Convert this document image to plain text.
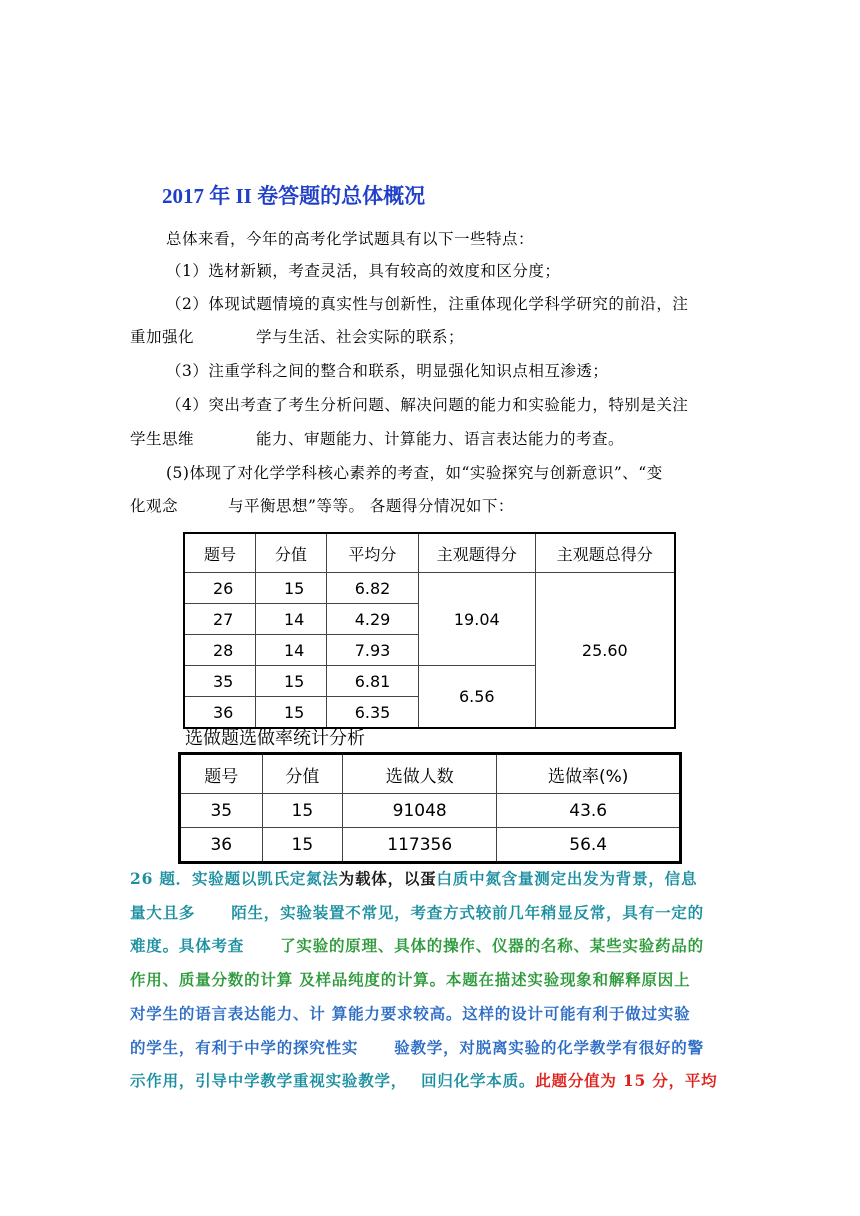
2017 年 II 卷答题的总体概况

总体来看，今年的高考化学试题具有以下一些特点：

（1）选材新颖，考查灵活，具有较高的效度和区分度；

（2）体现试题情境的真实性与创新性，注重体现化学科学研究的前沿，注

重加强化	学与生活、社会实际的联系；

（3）注重学科之间的整合和联系，明显强化知识点相互渗透；

（4）突出考查了考生分析问题、解决问题的能力和实验能力，特别是关注

学生思维	能力、审题能力、计算能力、语言表达能力的考查。

(5)体现了对化学学科核心素养的考查，如“实验探究与创新意识”、“变

化观念	与平衡思想”等等。 各题得分情况如下：

题号	分值	平均分	主观题得分	主观题总得分
26	15	6.82	19.04	25.60
27	14	4.29		
28	14	7.93		
35	15	6.81	6.56	
36	15	6.35		

选做题选做率统计分析

题号	分值	选做人数	选做率(%)
35	15	91048	43.6
36	15	117356	56.4

26 题．实验题以凯氏定氮法为载体，以蛋白质中氮含量测定出发为背景，信息

量大且多 陌生，实验装置不常见，考查方式较前几年稍显反常，具有一定的

难度。具体考查 了实验的原理、具体的操作、仪器的名称、某些实验药品的

作用、质量分数的计算 及样品纯度的计算。本题在描述实验现象和解释原因上

对学生的语言表达能力、计 算能力要求较高。这样的设计可能有利于做过实验

的学生，有利于中学的探究性实 验教学，对脱离实验的化学教学有很好的警

示作用，引导中学教学重视实验教学， 回归化学本质。此题分值为 15 分，平均
